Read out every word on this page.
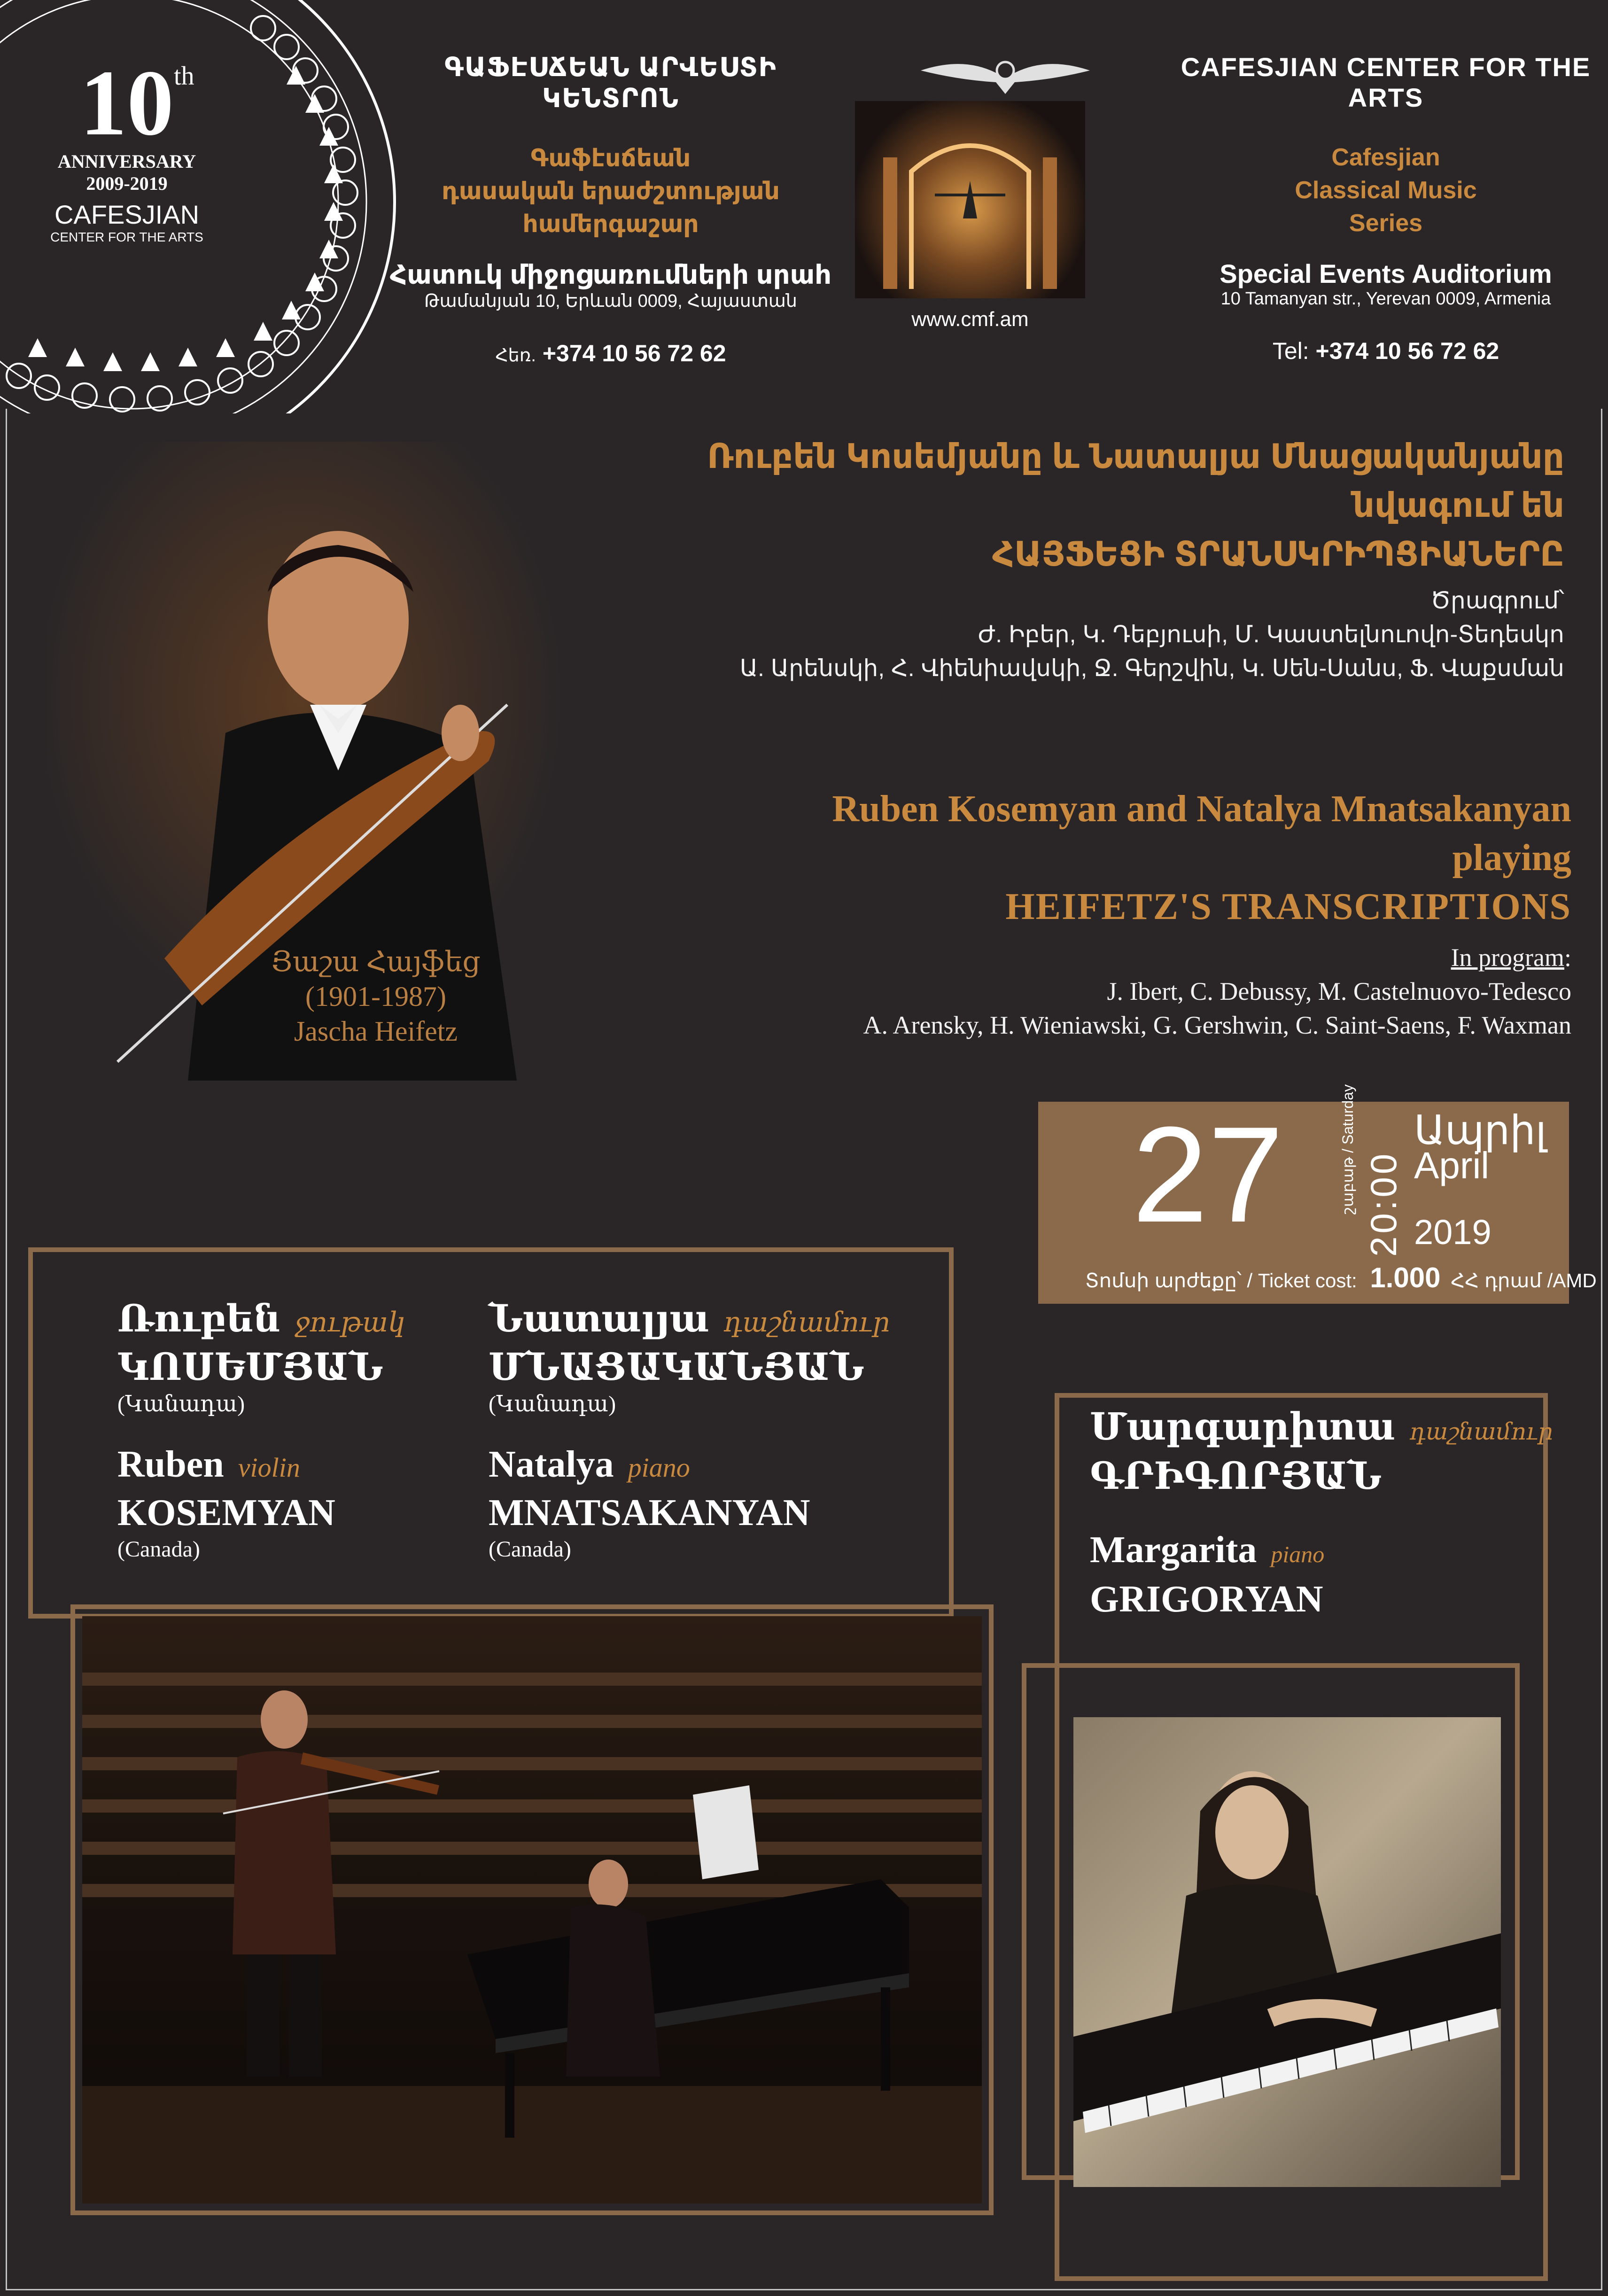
10 th
ANNIVERSARY
2009-2019
CAFESJIAN
CENTER FOR THE ARTS
ԳԱՖԷՍՃԵԱՆ ԱՐՎԵՍՏԻ ԿԵՆՏՐՈՆ
Գաֆէսճեան
դասական երաժշտության
համերգաշար
Հատուկ միջոցառումների սրահ
Թամանյան 10, Երևան 0009, Հայաստան
Հեռ. +374 10 56 72 62
www.cmf.am
CAFESJIAN CENTER FOR THE ARTS
Cafesjian
Classical Music
Series
Special Events Auditorium
10 Tamanyan str., Yerevan 0009, Armenia
Tel: +374 10 56 72 62
Յաշա Հայֆեց
(1901-1987)
Jascha Heifetz
Ռուբեն Կոսեմյանը և Նատալյա Մնացականյանը
նվագում են
ՀԱՅՖԵՑԻ ՏՐԱՆՍԿՐԻՊՑԻԱՆԵՐԸ
Ծրագրում՝
Ժ. Իբեր, Կ. Դեբյուսի, Մ. Կաստելնուովո-Տեդեսկո
Ա. Արենսկի, Հ. Վիենիավսկի, Ջ. Գերշվին, Կ. Սեն-Սանս, Ֆ. Վաքսման
Ruben Kosemyan and Natalya Mnatsakanyan
playing
HEIFETZ'S TRANSCRIPTIONS
In program:
J. Ibert, C. Debussy, M. Castelnuovo-Tedesco
A. Arensky, H. Wieniawski, G. Gershwin, C. Saint-Saens, F. Waxman
27	շաբաթ / Saturday 20:00
Ապրիլ
April
2019
Տոմսի արժեքը՝ / Ticket cost: 1.000 ՀՀ դրամ /AMD
Ռուբեն ջութակ
ԿՈՍԵՄՅԱՆ
(Կանադա)
Ruben violin
KOSEMYAN
(Canada)
Նատալյա դաշնամուր
ՄՆԱՑԱԿԱՆՅԱՆ
(Կանադա)
Natalya piano
MNATSAKANYAN
(Canada)
Մարգարիտա դաշնամուր
ԳՐԻԳՈՐՅԱՆ
Margarita piano
GRIGORYAN
